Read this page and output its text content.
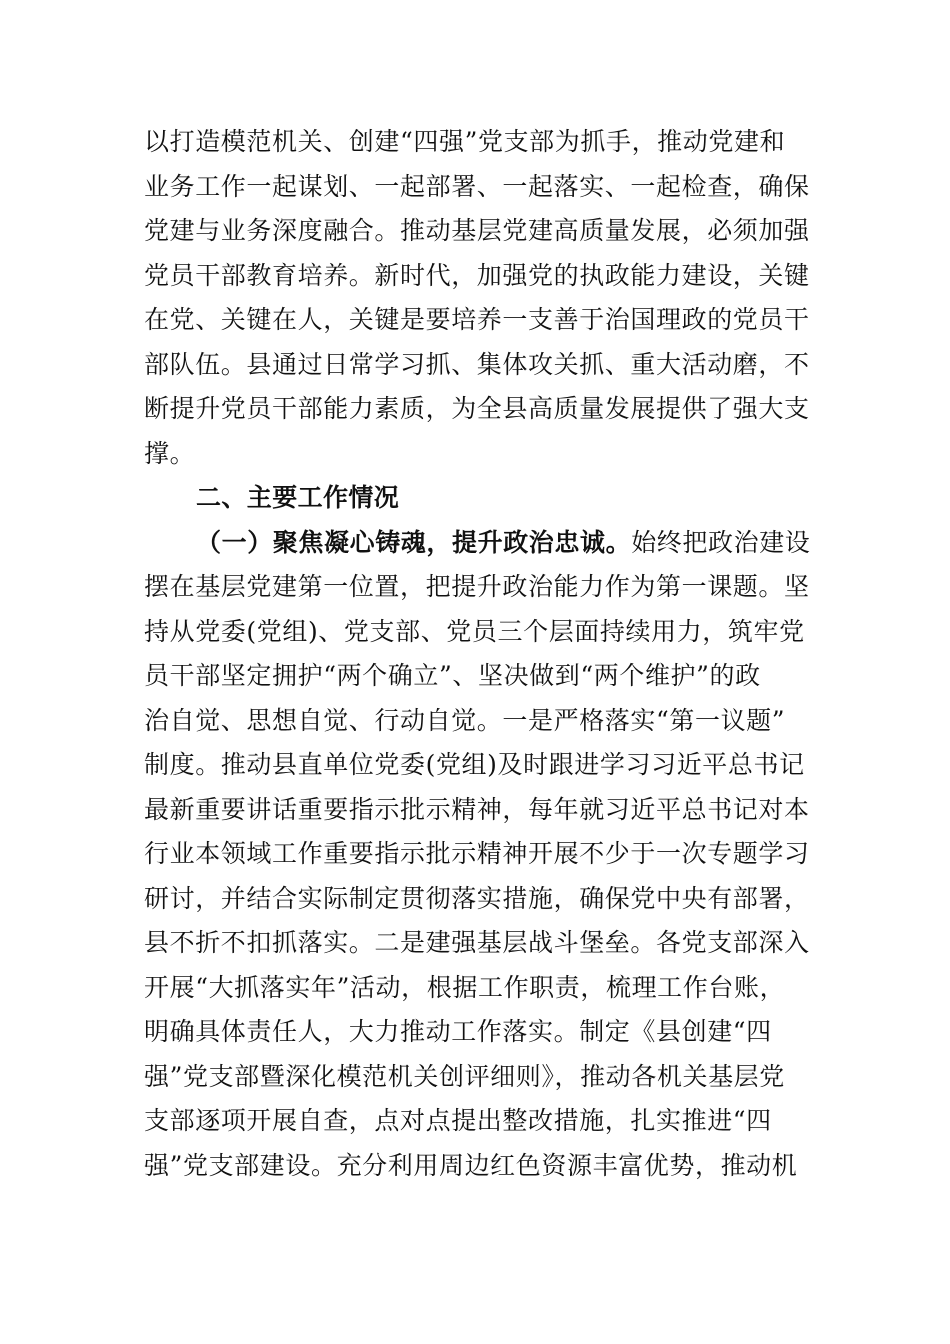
以打造模范机关、创建“四强”党支部为抓手，推动党建和
业务工作一起谋划、一起部署、一起落实、一起检查，确保
党建与业务深度融合。推动基层党建高质量发展，必须加强
党员干部教育培养。新时代，加强党的执政能力建设，关键
在党、关键在人，关键是要培养一支善于治国理政的党员干
部队伍。县通过日常学习抓、集体攻关抓、重大活动磨，不
断提升党员干部能力素质，为全县高质量发展提供了强大支
撑。
二、主要工作情况
（一）聚焦凝心铸魂，提升政治忠诚。始终把政治建设
摆在基层党建第一位置，把提升政治能力作为第一课题。坚
持从党委(党组)、党支部、党员三个层面持续用力，筑牢党
员干部坚定拥护“两个确立”、坚决做到“两个维护”的政
治自觉、思想自觉、行动自觉。一是严格落实“第一议题”
制度。推动县直单位党委(党组)及时跟进学习习近平总书记
最新重要讲话重要指示批示精神，每年就习近平总书记对本
行业本领域工作重要指示批示精神开展不少于一次专题学习
研讨，并结合实际制定贯彻落实措施，确保党中央有部署，
县不折不扣抓落实。二是建强基层战斗堡垒。各党支部深入
开展“大抓落实年”活动，根据工作职责，梳理工作台账，
明确具体责任人，大力推动工作落实。制定《县创建“四
强”党支部暨深化模范机关创评细则》，推动各机关基层党
支部逐项开展自查，点对点提出整改措施，扎实推进“四
强”党支部建设。充分利用周边红色资源丰富优势，推动机
